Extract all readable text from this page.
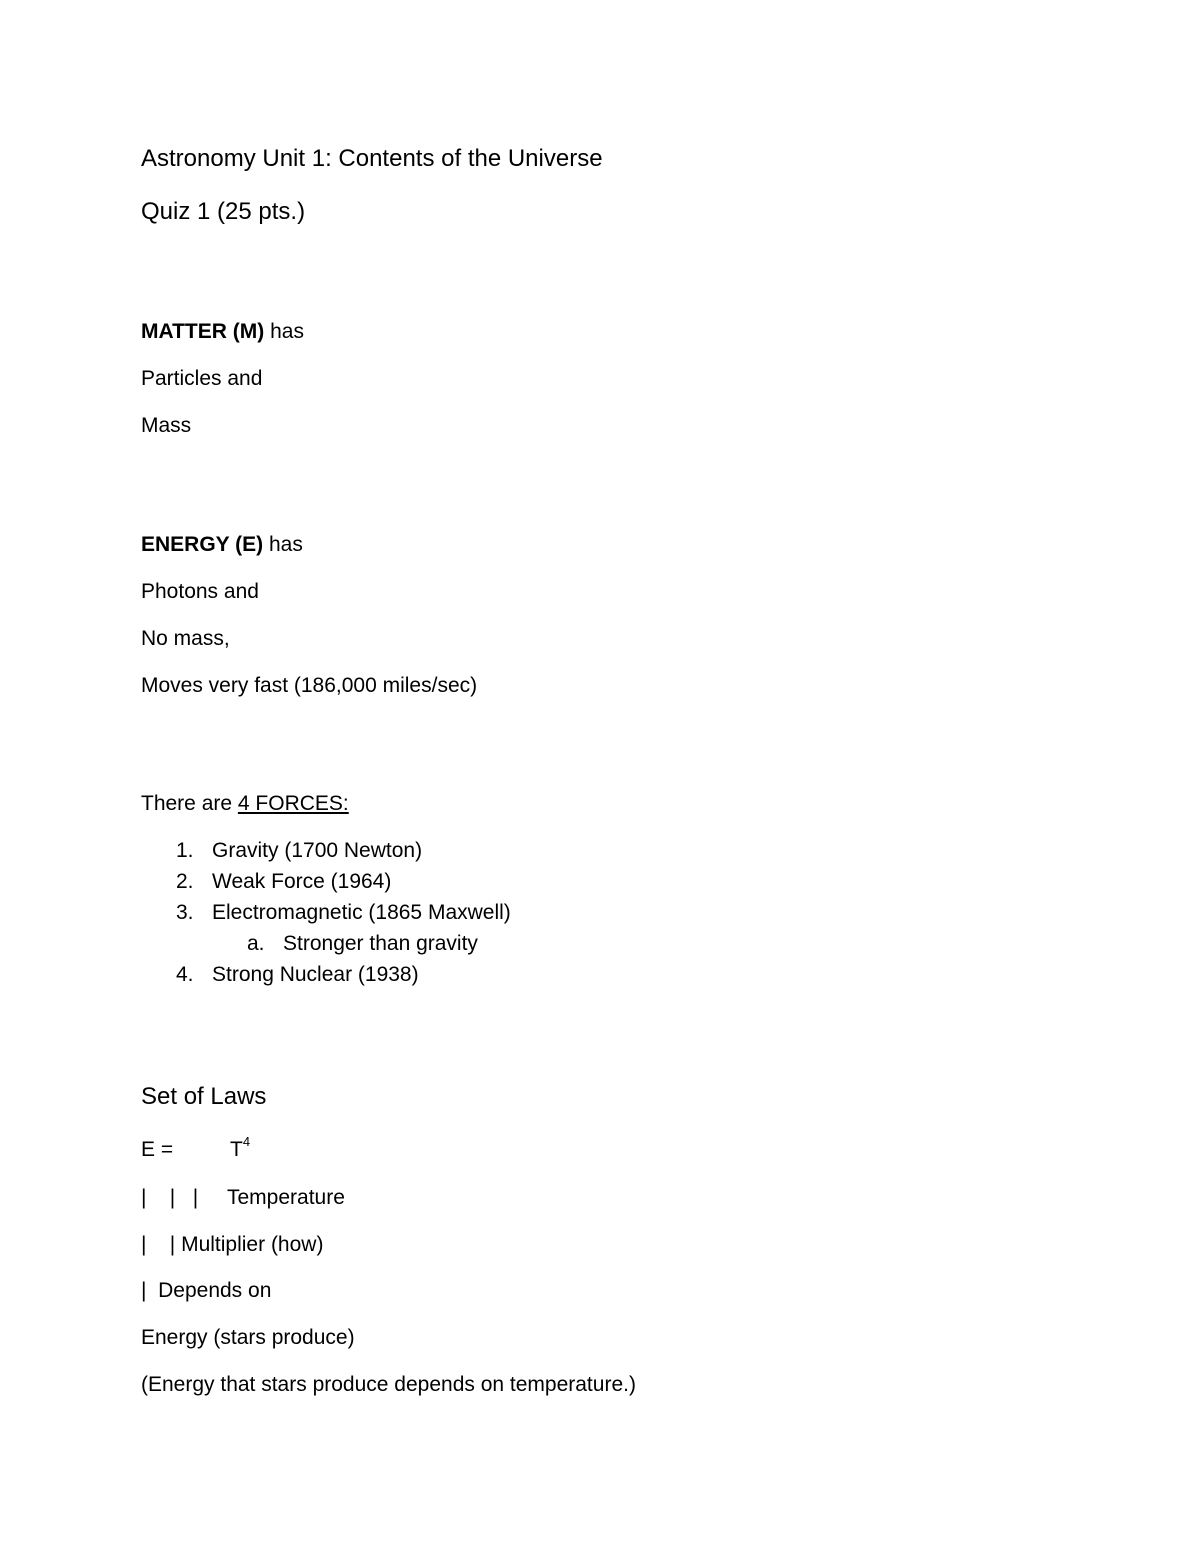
Astronomy Unit 1: Contents of the Universe
Quiz 1 (25 pts.)
MATTER (M) has
Particles and
Mass
ENERGY (E) has
Photons and
No mass,
Moves very fast (186,000 miles/sec)
There are 4 FORCES:
1. Gravity (1700 Newton)
2. Weak Force (1964)
3. Electromagnetic (1865 Maxwell)
a. Stronger than gravity
4. Strong Nuclear (1938)
Set of Laws
E =	$T^4$
|    |   |     Temperature
|    | Multiplier (how)
|  Depends on
Energy (stars produce)
(Energy that stars produce depends on temperature.)
